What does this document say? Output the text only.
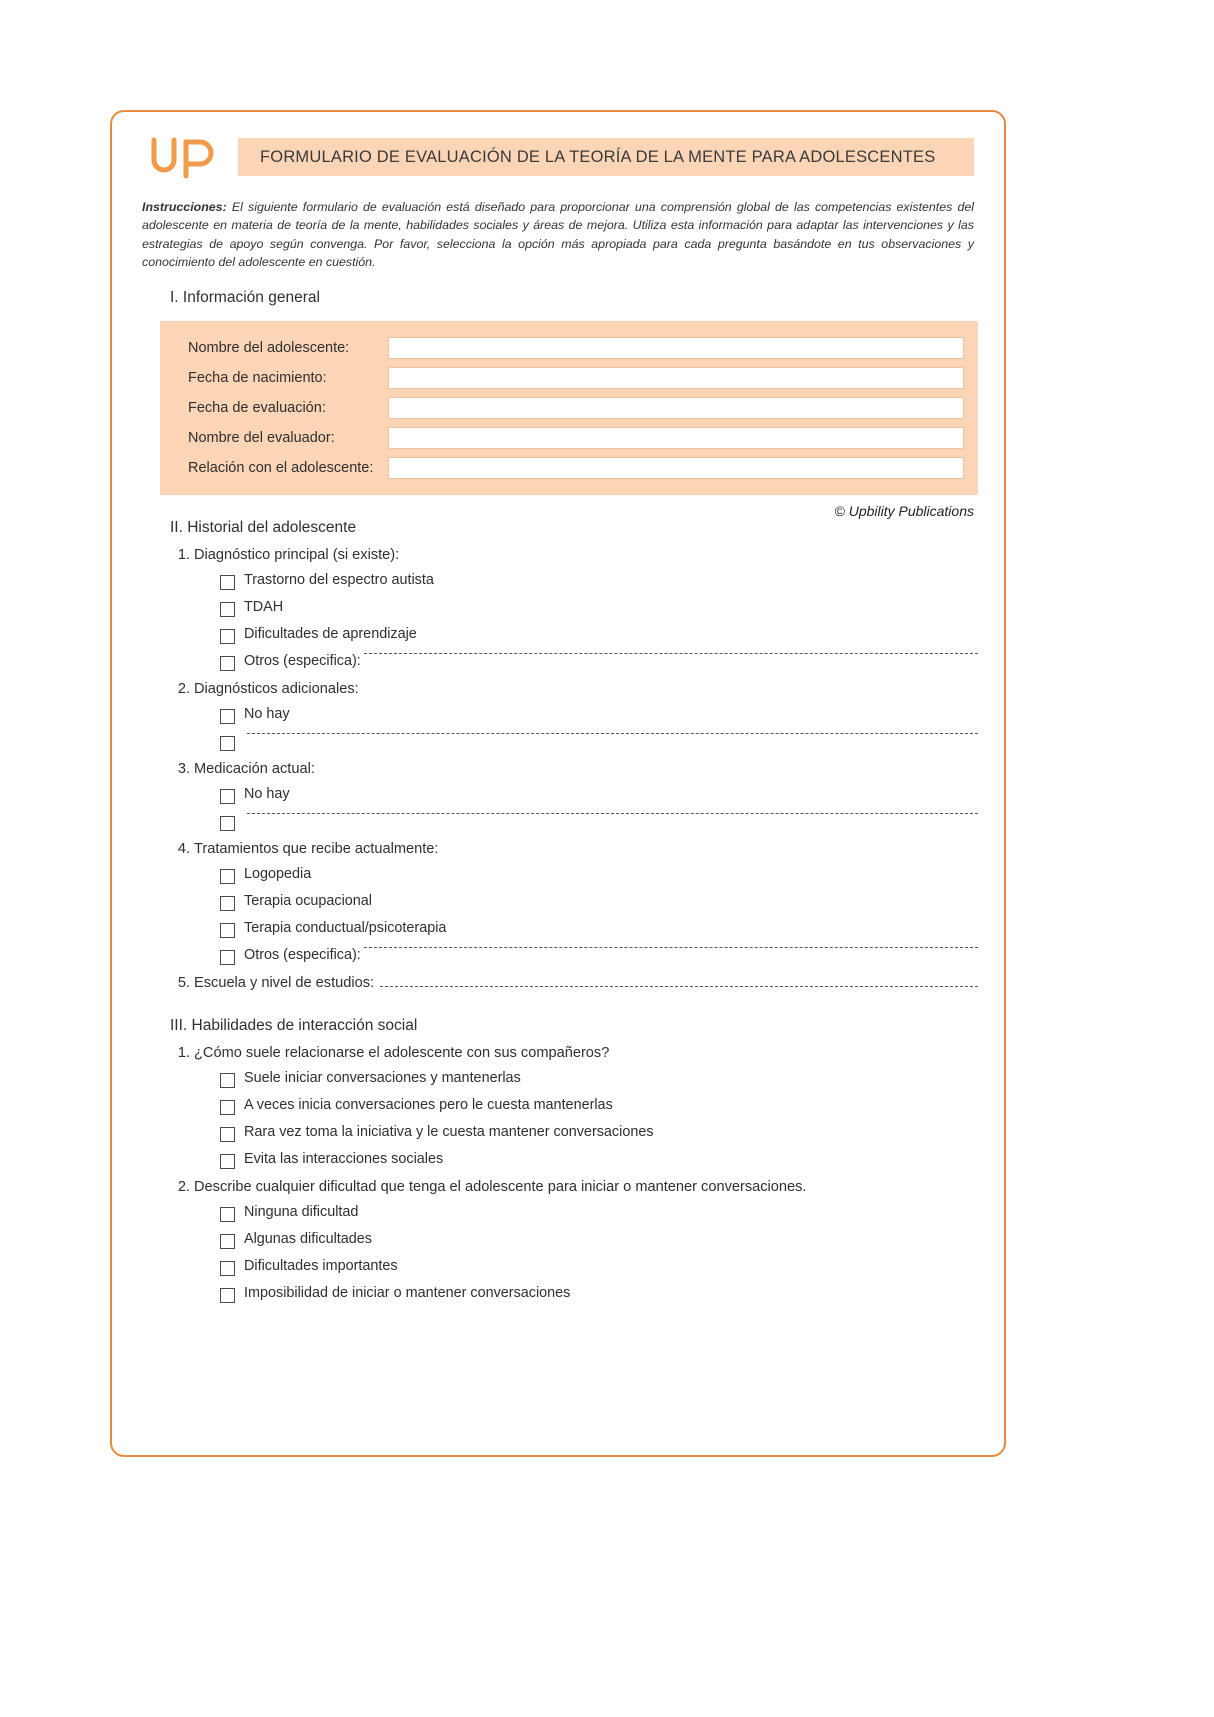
FORMULARIO DE EVALUACIÓN DE LA TEORÍA DE LA MENTE PARA ADOLESCENTES
Instrucciones: El siguiente formulario de evaluación está diseñado para proporcionar una comprensión global de las competencias existentes del adolescente en materia de teoría de la mente, habilidades sociales y áreas de mejora. Utiliza esta información para adaptar las intervenciones y las estrategias de apoyo según convenga. Por favor, selecciona la opción más apropiada para cada pregunta basándote en tus observaciones y conocimiento del adolescente en cuestión.
I. Información general
Nombre del adolescente:
Fecha de nacimiento:
Fecha de evaluación:
Nombre del evaluador:
Relación con el adolescente:
© Upbility Publications
II. Historial del adolescente
1. Diagnóstico principal (si existe):
Trastorno del espectro autista
TDAH
Dificultades de aprendizaje
Otros (especifica):
2. Diagnósticos adicionales:
No hay
3. Medicación actual:
No hay
4. Tratamientos que recibe actualmente:
Logopedia
Terapia ocupacional
Terapia conductual/psicoterapia
Otros (especifica):
5. Escuela y nivel de estudios:
III. Habilidades de interacción social
1. ¿Cómo suele relacionarse el adolescente con sus compañeros?
Suele iniciar conversaciones y mantenerlas
A veces inicia conversaciones pero le cuesta mantenerlas
Rara vez toma la iniciativa y le cuesta mantener conversaciones
Evita las interacciones sociales
2. Describe cualquier dificultad que tenga el adolescente para iniciar o mantener conversaciones.
Ninguna dificultad
Algunas dificultades
Dificultades importantes
Imposibilidad de iniciar o mantener conversaciones
